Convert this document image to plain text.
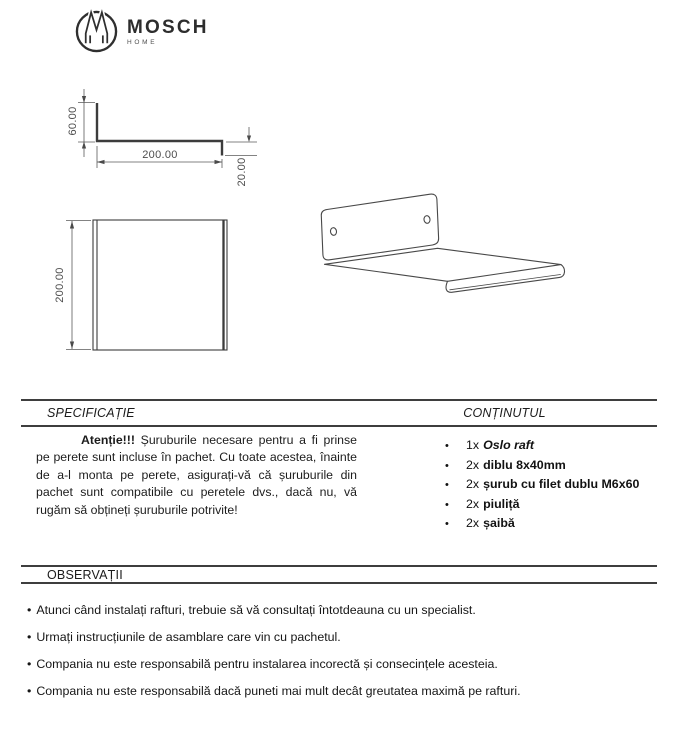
MOSCH
HOME
60.00
200.00
20.00
200.00
SPECIFICAȚIE	CONȚINUTUL

Atenție!!! Șuruburile necesare pentru a fi prinse pe perete sunt incluse în pachet. Cu toate acestea, înainte de a-l monta pe perete, asigurați-vă că șuruburile din pachet sunt compatibile cu peretele dvs., dacă nu, vă rugăm să obțineți șuruburile potrivite!

• 1x Oslo raft
• 2x diblu 8x40mm
• 2x șurub cu filet dublu M6x60
• 2x piuliță
• 2x șaibă
OBSERVAȚII
• Atunci când instalați rafturi, trebuie să vă consultați întotdeauna cu un specialist.
• Urmați instrucțiunile de asamblare care vin cu pachetul.
• Compania nu este responsabilă pentru instalarea incorectă și consecințele acesteia.
• Compania nu este responsabilă dacă puneti mai mult decât greutatea maximă pe rafturi.
